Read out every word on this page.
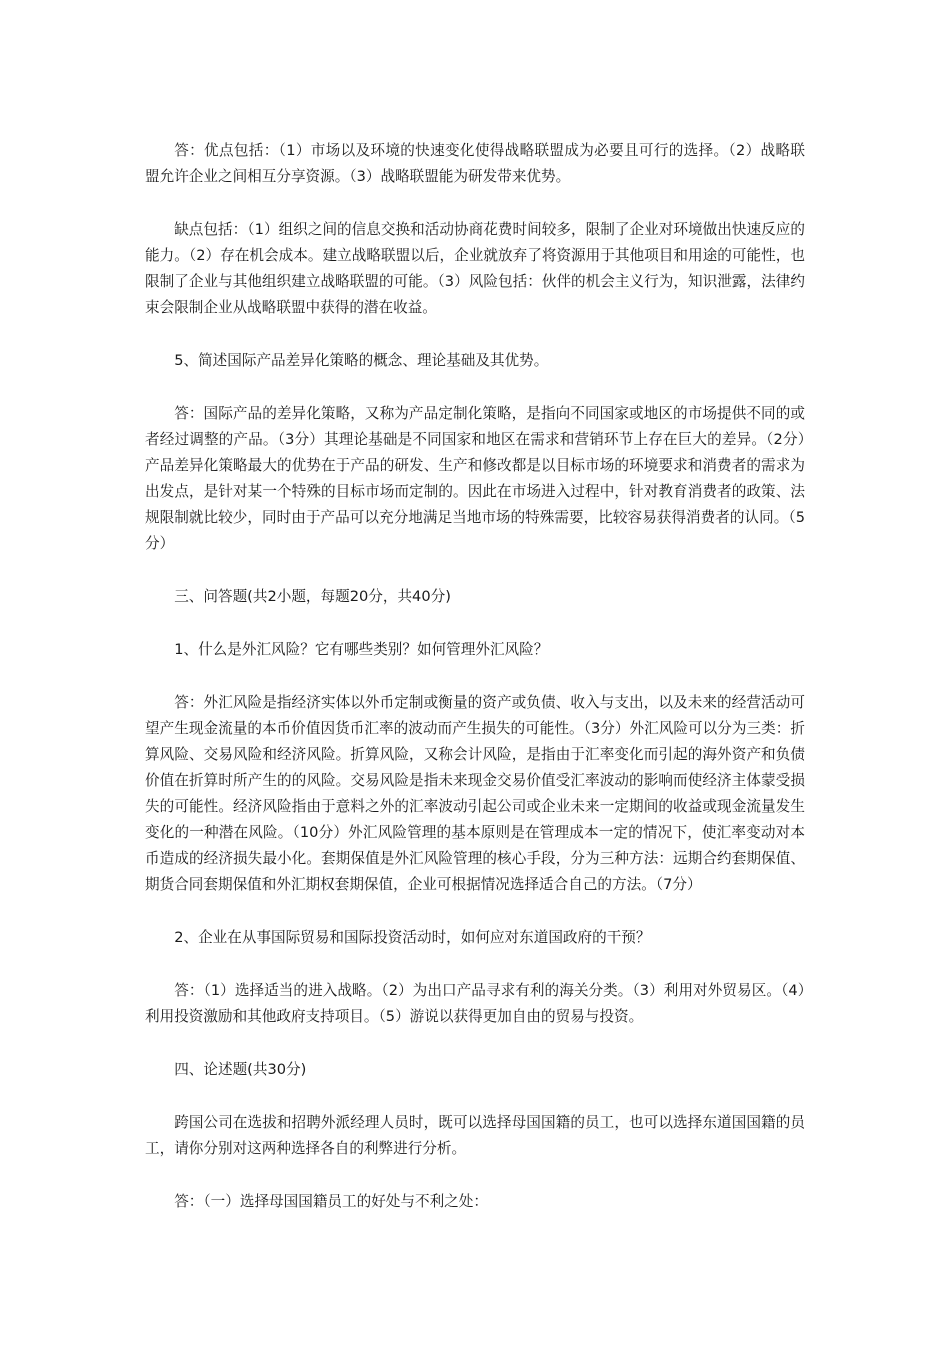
答：优点包括：（1）市场以及环境的快速变化使得战略联盟成为必要且可行的选择。（2）战略联盟允许企业之间相互分享资源。（3）战略联盟能为研发带来优势。

缺点包括：（1）组织之间的信息交换和活动协商花费时间较多，限制了企业对环境做出快速反应的能力。（2）存在机会成本。建立战略联盟以后，企业就放弃了将资源用于其他项目和用途的可能性，也限制了企业与其他组织建立战略联盟的可能。（3）风险包括：伙伴的机会主义行为，知识泄露，法律约束会限制企业从战略联盟中获得的潜在收益。

5、简述国际产品差异化策略的概念、理论基础及其优势。

答：国际产品的差异化策略，又称为产品定制化策略，是指向不同国家或地区的市场提供不同的或者经过调整的产品。（3分）其理论基础是不同国家和地区在需求和营销环节上存在巨大的差异。（2分）产品差异化策略最大的优势在于产品的研发、生产和修改都是以目标市场的环境要求和消费者的需求为出发点，是针对某一个特殊的目标市场而定制的。因此在市场进入过程中，针对教育消费者的政策、法规限制就比较少，同时由于产品可以充分地满足当地市场的特殊需要，比较容易获得消费者的认同。（5分）

三、问答题(共2小题，每题20分，共40分)

1、什么是外汇风险？它有哪些类别？如何管理外汇风险？

答：外汇风险是指经济实体以外币定制或衡量的资产或负债、收入与支出，以及未来的经营活动可望产生现金流量的本币价值因货币汇率的波动而产生损失的可能性。（3分）外汇风险可以分为三类：折算风险、交易风险和经济风险。折算风险，又称会计风险，是指由于汇率变化而引起的海外资产和负债价值在折算时所产生的的风险。交易风险是指未来现金交易价值受汇率波动的影响而使经济主体蒙受损失的可能性。经济风险指由于意料之外的汇率波动引起公司或企业未来一定期间的收益或现金流量发生变化的一种潜在风险。（10分）外汇风险管理的基本原则是在管理成本一定的情况下，使汇率变动对本币造成的经济损失最小化。套期保值是外汇风险管理的核心手段，分为三种方法：远期合约套期保值、期货合同套期保值和外汇期权套期保值，企业可根据情况选择适合自己的方法。（7分）

2、企业在从事国际贸易和国际投资活动时，如何应对东道国政府的干预？

答：（1）选择适当的进入战略。（2）为出口产品寻求有利的海关分类。（3）利用对外贸易区。（4）利用投资激励和其他政府支持项目。（5）游说以获得更加自由的贸易与投资。

四、论述题(共30分)

跨国公司在选拔和招聘外派经理人员时，既可以选择母国国籍的员工，也可以选择东道国国籍的员工，请你分别对这两种选择各自的利弊进行分析。

答：（一）选择母国国籍员工的好处与不利之处：
